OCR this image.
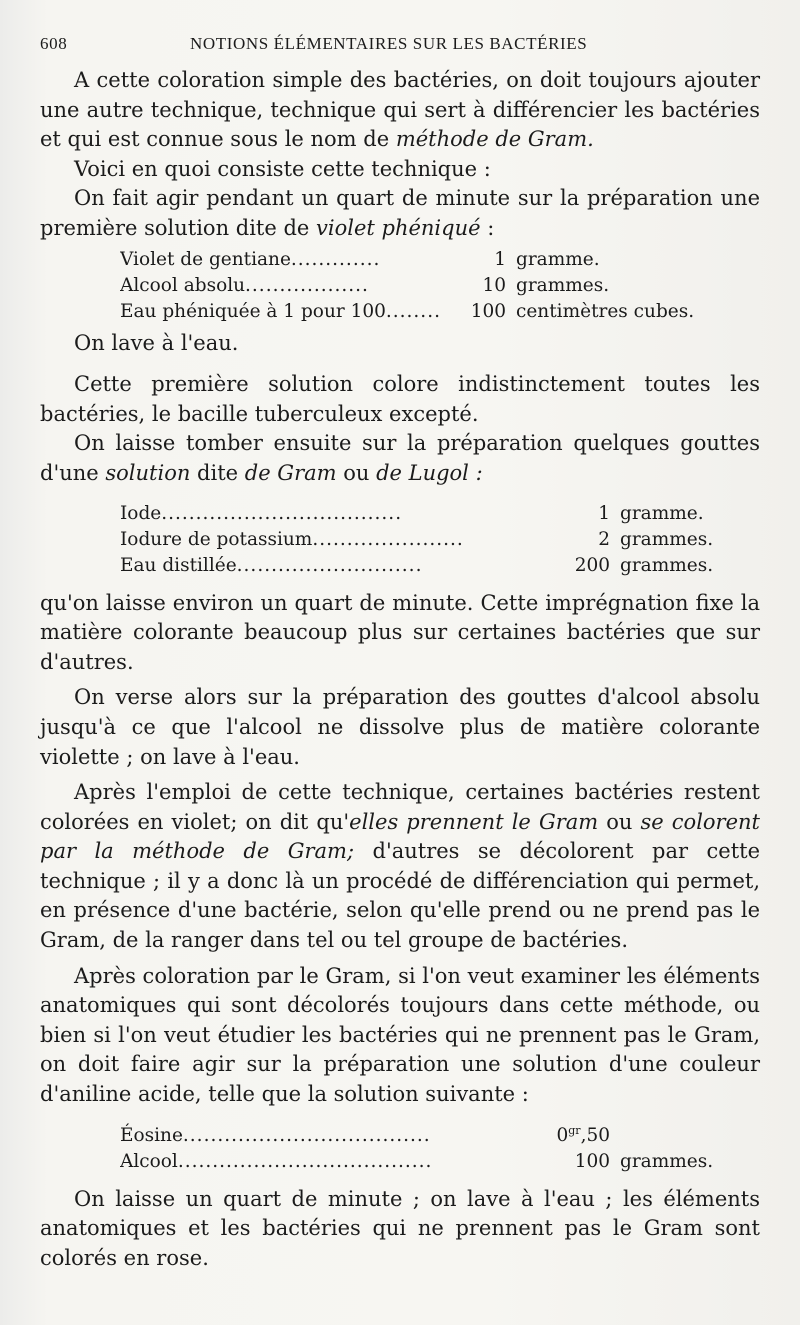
608	NOTIONS ÉLÉMENTAIRES SUR LES BACTÉRIES

A cette coloration simple des bactéries, on doit toujours ajouter une autre technique, technique qui sert à différencier les bactéries et qui est connue sous le nom de méthode de Gram.

Voici en quoi consiste cette technique :

On fait agir pendant un quart de minute sur la préparation une première solution dite de violet phéniqué :

Violet de gentiane.............	1 gramme.
Alcool absolu..................	10 grammes.
Eau phéniquée à 1 pour 100........	100 centimètres cubes.

On lave à l'eau.

Cette première solution colore indistinctement toutes les bactéries, le bacille tuberculeux excepté.

On laisse tomber ensuite sur la préparation quelques gouttes d'une solution dite de Gram ou de Lugol :

Iode...................................	1 gramme.
Iodure de potassium......................	2 grammes.
Eau distillée...........................	200 grammes.

qu'on laisse environ un quart de minute. Cette imprégnation fixe la matière colorante beaucoup plus sur certaines bactéries que sur d'autres.

On verse alors sur la préparation des gouttes d'alcool absolu jusqu'à ce que l'alcool ne dissolve plus de matière colorante violette ; on lave à l'eau.

Après l'emploi de cette technique, certaines bactéries restent colorées en violet; on dit qu'elles prennent le Gram ou se colorent par la méthode de Gram; d'autres se décolorent par cette technique ; il y a donc là un procédé de différenciation qui permet, en présence d'une bactérie, selon qu'elle prend ou ne prend pas le Gram, de la ranger dans tel ou tel groupe de bactéries.

Après coloration par le Gram, si l'on veut examiner les éléments anatomiques qui sont décolorés toujours dans cette méthode, ou bien si l'on veut étudier les bactéries qui ne prennent pas le Gram, on doit faire agir sur la préparation une solution d'une couleur d'aniline acide, telle que la solution suivante :

Éosine....................................	$0^{gr},50$
Alcool.....................................	100 grammes.

On laisse un quart de minute ; on lave à l'eau ; les éléments anatomiques et les bactéries qui ne prennent pas le Gram sont colorés en rose.
